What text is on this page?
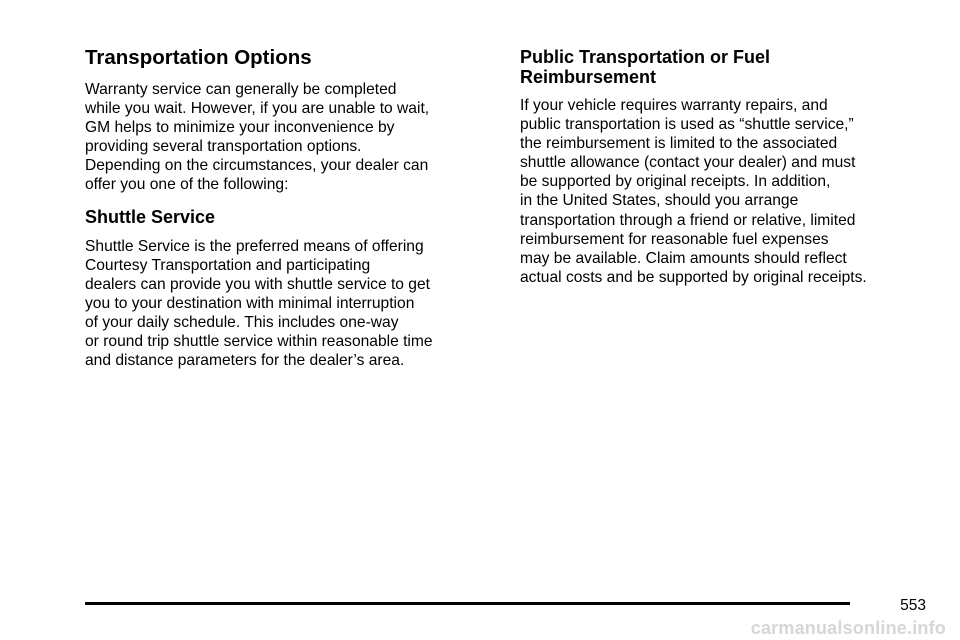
Transportation Options

Warranty service can generally be completed
while you wait. However, if you are unable to wait,
GM helps to minimize your inconvenience by
providing several transportation options.
Depending on the circumstances, your dealer can
offer you one of the following:

Shuttle Service

Shuttle Service is the preferred means of offering
Courtesy Transportation and participating
dealers can provide you with shuttle service to get
you to your destination with minimal interruption
of your daily schedule. This includes one-way
or round trip shuttle service within reasonable time
and distance parameters for the dealer’s area.

Public Transportation or Fuel
Reimbursement

If your vehicle requires warranty repairs, and
public transportation is used as “shuttle service,”
the reimbursement is limited to the associated
shuttle allowance (contact your dealer) and must
be supported by original receipts. In addition,
in the United States, should you arrange
transportation through a friend or relative, limited
reimbursement for reasonable fuel expenses
may be available. Claim amounts should reflect
actual costs and be supported by original receipts.

553
carmanualsonline.info
